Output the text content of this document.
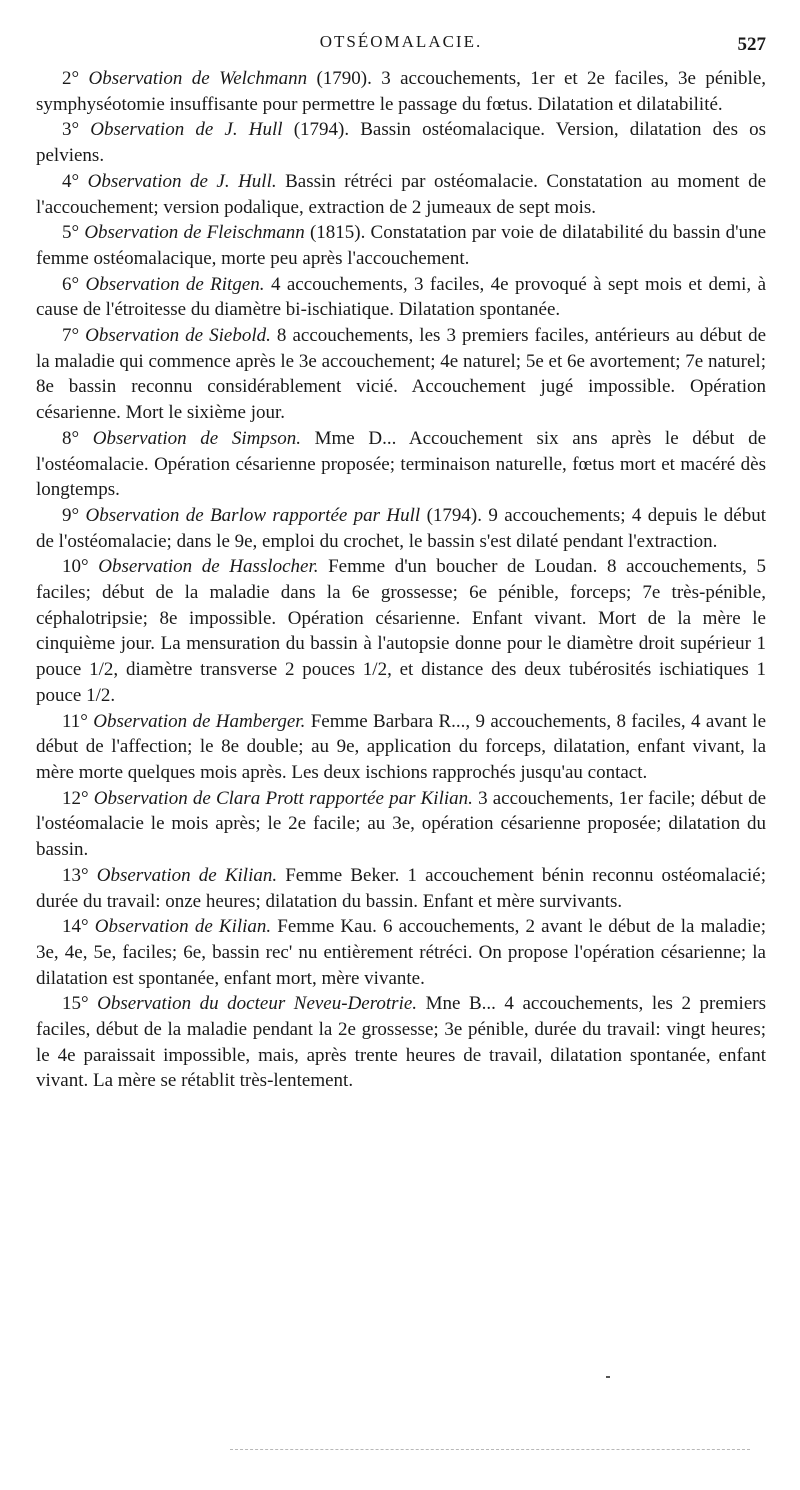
OTSÉOMALACIE.	527

2° Observation de Welchmann (1790). 3 accouchements, 1er et 2e faciles, 3e pénible, symphyséotomie insuffisante pour permettre le passage du fœtus. Dilatation et dilatabilité.

3° Observation de J. Hull (1794). Bassin ostéomalacique. Version, dilatation des os pelviens.

4° Observation de J. Hull. Bassin rétréci par ostéomalacie. Constatation au moment de l'accouchement; version podalique, extraction de 2 jumeaux de sept mois.

5° Observation de Fleischmann (1815). Constatation par voie de dilatabilité du bassin d'une femme ostéomalacique, morte peu après l'accouchement.

6° Observation de Ritgen. 4 accouchements, 3 faciles, 4e provoqué à sept mois et demi, à cause de l'étroitesse du diamètre bi-ischiatique. Dilatation spontanée.

7° Observation de Siebold. 8 accouchements, les 3 premiers faciles, antérieurs au début de la maladie qui commence après le 3e accouchement; 4e naturel; 5e et 6e avortement; 7e naturel; 8e bassin reconnu considérablement vicié. Accouchement jugé impossible. Opération césarienne. Mort le sixième jour.

8° Observation de Simpson. Mme D... Accouchement six ans après le début de l'ostéomalacie. Opération césarienne proposée; terminaison naturelle, fœtus mort et macéré dès longtemps.

9° Observation de Barlow rapportée par Hull (1794). 9 accouchements; 4 depuis le début de l'ostéomalacie; dans le 9e, emploi du crochet, le bassin s'est dilaté pendant l'extraction.

10° Observation de Hasslocher. Femme d'un boucher de Loudan. 8 accouchements, 5 faciles; début de la maladie dans la 6e grossesse; 6e pénible, forceps; 7e très-pénible, céphalotripsie; 8e impossible. Opération césarienne. Enfant vivant. Mort de la mère le cinquième jour. La mensuration du bassin à l'autopsie donne pour le diamètre droit supérieur 1 pouce 1/2, diamètre transverse 2 pouces 1/2, et distance des deux tubérosités ischiatiques 1 pouce 1/2.

11° Observation de Hamberger. Femme Barbara R..., 9 accouchements, 8 faciles, 4 avant le début de l'affection; le 8e double; au 9e, application du forceps, dilatation, enfant vivant, la mère morte quelques mois après. Les deux ischions rapprochés jusqu'au contact.

12° Observation de Clara Prott rapportée par Kilian. 3 accouchements, 1er facile; début de l'ostéomalacie le mois après; le 2e facile; au 3e, opération césarienne proposée; dilatation du bassin.

13° Observation de Kilian. Femme Beker. 1 accouchement bénin reconnu ostéomalacié; durée du travail: onze heures; dilatation du bassin. Enfant et mère survivants.

14° Observation de Kilian. Femme Kau. 6 accouchements, 2 avant le début de la maladie; 3e, 4e, 5e, faciles; 6e, bassin rec' nu entièrement rétréci. On propose l'opération césarienne; la dilatation est spontanée, enfant mort, mère vivante.

15° Observation du docteur Neveu-Derotrie. Mne B... 4 accouchements, les 2 premiers faciles, début de la maladie pendant la 2e grossesse; 3e pénible, durée du travail: vingt heures; le 4e paraissait impossible, mais, après trente heures de travail, dilatation spontanée, enfant vivant. La mère se rétablit très-lentement.
